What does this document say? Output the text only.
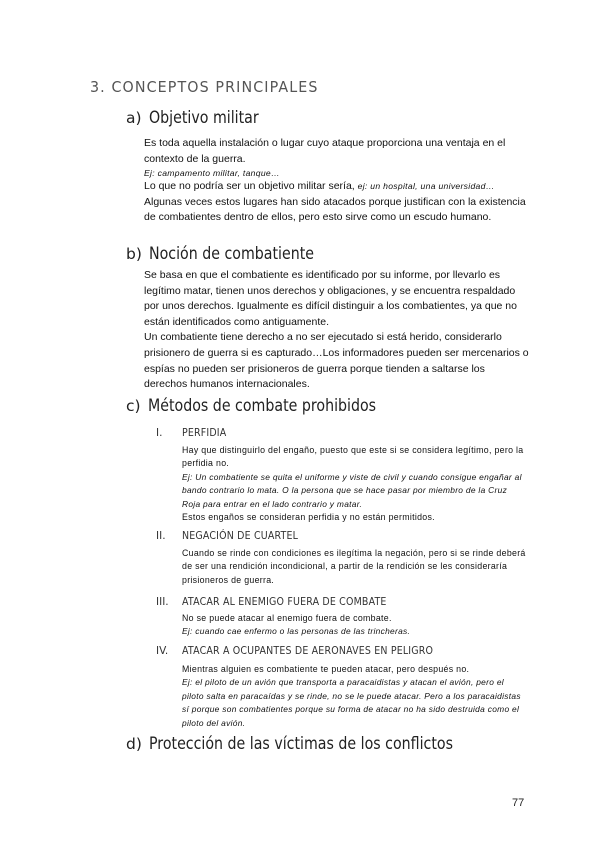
3. CONCEPTOS PRINCIPALES
a) Objetivo militar

Es toda aquella instalación o lugar cuyo ataque proporciona una ventaja en el contexto de la guerra.

Ej: campamento militar, tanque…

Lo que no podría ser un objetivo militar sería, ej: un hospital, una universidad…

Algunas veces estos lugares han sido atacados porque justifican con la existencia de combatientes dentro de ellos, pero esto sirve como un escudo humano.

b) Noción de combatiente

Se basa en que el combatiente es identificado por su informe, por llevarlo es legítimo matar, tienen unos derechos y obligaciones, y se encuentra respaldado por unos derechos. Igualmente es difícil distinguir a los combatientes, ya que no están identificados como antiguamente.

Un combatiente tiene derecho a no ser ejecutado si está herido, considerarlo prisionero de guerra si es capturado…Los informadores pueden ser mercenarios o espías no pueden ser prisioneros de guerra porque tienden a saltarse los derechos humanos internacionales.

c) Métodos de combate prohibidos
I.	PERFIDIA

Hay que distinguirlo del engaño, puesto que este si se considera legítimo, pero la perfidia no.

Ej: Un combatiente se quita el uniforme y viste de civil y cuando consigue engañar al bando contrario lo mata. O la persona que se hace pasar por miembro de la Cruz Roja para entrar en el lado contrario y matar.

Estos engaños se consideran perfidia y no están permitidos.

II.	NEGACIÓN DE CUARTEL

Cuando se rinde con condiciones es ilegítima la negación, pero si se rinde deberá de ser una rendición incondicional, a partir de la rendición se les consideraría prisioneros de guerra.

III.	ATACAR AL ENEMIGO FUERA DE COMBATE

No se puede atacar al enemigo fuera de combate.

Ej: cuando cae enfermo o las personas de las trincheras.

IV.	ATACAR A OCUPANTES DE AERONAVES EN PELIGRO

Mientras alguien es combatiente te pueden atacar, pero después no.

Ej: el piloto de un avión que transporta a paracaidistas y atacan el avión, pero el piloto salta en paracaídas y se rinde, no se le puede atacar. Pero a los paracaidistas sí porque son combatientes porque su forma de atacar no ha sido destruida como el piloto del avión.

d) Protección de las víctimas de los conflictos
77
